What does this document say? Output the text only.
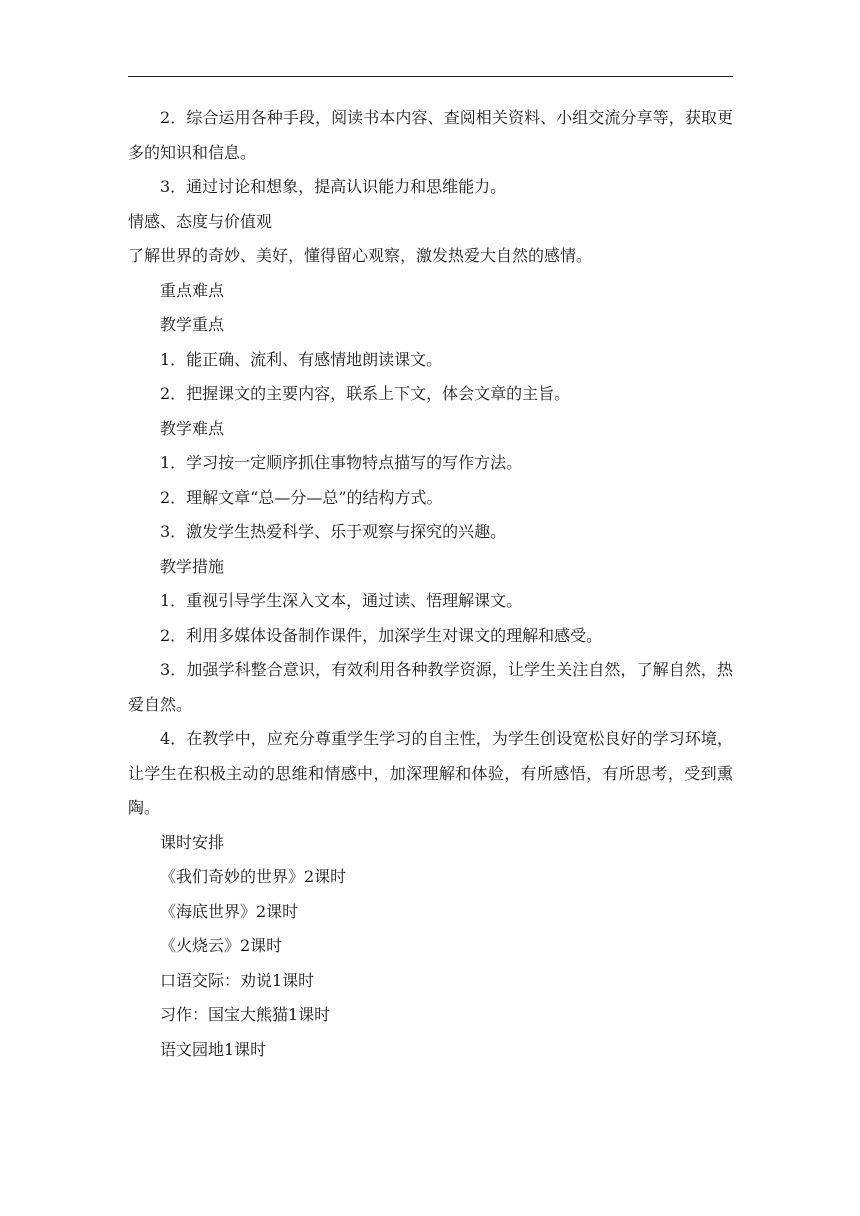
2．综合运用各种手段，阅读书本内容、查阅相关资料、小组交流分享等，获取更多的知识和信息。

3．通过讨论和想象，提高认识能力和思维能力。

情感、态度与价值观

了解世界的奇妙、美好，懂得留心观察，激发热爱大自然的感情。

重点难点

教学重点

1．能正确、流利、有感情地朗读课文。

2．把握课文的主要内容，联系上下文，体会文章的主旨。

教学难点

1．学习按一定顺序抓住事物特点描写的写作方法。

2．理解文章“总—分—总”的结构方式。

3．激发学生热爱科学、乐于观察与探究的兴趣。

教学措施

1．重视引导学生深入文本，通过读、悟理解课文。

2．利用多媒体设备制作课件，加深学生对课文的理解和感受。

3．加强学科整合意识，有效利用各种教学资源，让学生关注自然，了解自然，热爱自然。

4．在教学中，应充分尊重学生学习的自主性，为学生创设宽松良好的学习环境，让学生在积极主动的思维和情感中，加深理解和体验，有所感悟，有所思考，受到熏陶。

课时安排

《我们奇妙的世界》2课时

《海底世界》2课时

《火烧云》2课时

口语交际：劝说1课时

习作：国宝大熊猫1课时

语文园地1课时
